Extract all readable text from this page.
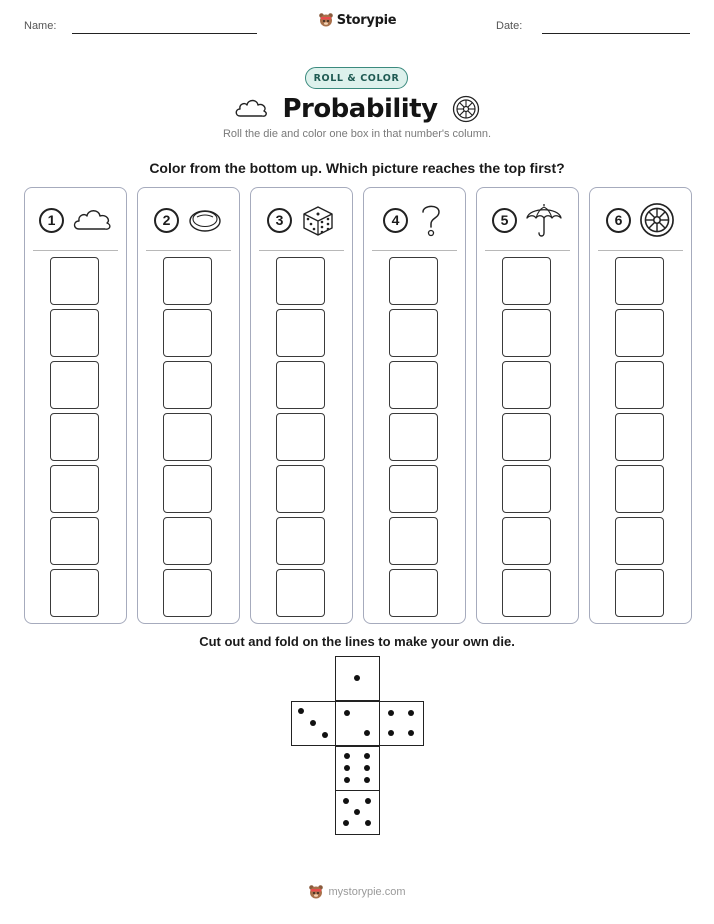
Name:	Date:
Storypie
ROLL & COLOR
Probability
Roll the die and color one box in that number's column.
Color from the bottom up. Which picture reaches the top first?
1	2	3	4	5	6
Cut out and fold on the lines to make your own die.
mystorypie.com
